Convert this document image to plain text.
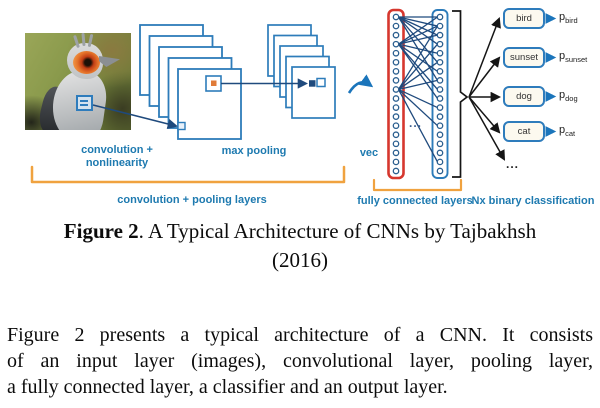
convolution +
nonlinearity
max pooling	vec
convolution + pooling layers	fully connected layers
Nx binary classification
...
...
bird
sunset
dog
cat
$p_{bird}$
$p_{sunset}$
$p_{dog}$
$p_{cat}$
Figure 2. A Typical Architecture of CNNs by Tajbakhsh
(2016)
Figure 2 presents a typical architecture of a CNN. It consists
of an input layer (images), convolutional layer, pooling layer,
a fully connected layer, a classifier and an output layer.
